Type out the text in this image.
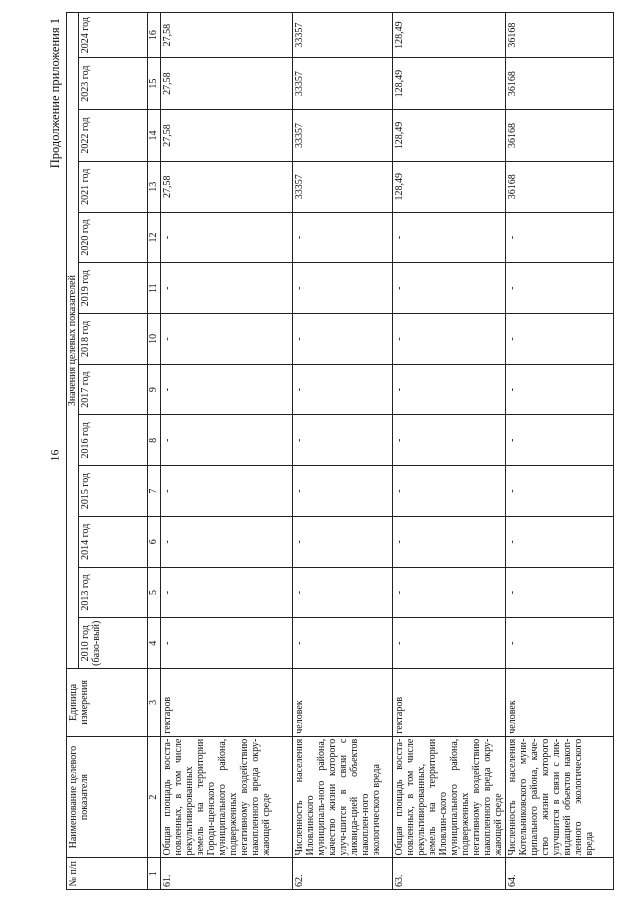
16
Продолжение приложения 1
№ п/п	Наименование целевого показателя	Единица измерения	Значения целевых показателей												
			2010 год (базо-вый)	2013 год	2014 год	2015 год	2016 год	2017 год	2018 год	2019 год	2020 год	2021 год	2022 год	2023 год	2024 год
1	2	3	4	5	6	7	8	9	10	11	12	13	14	15	16
61.	Общая площадь восста-новленных, в том числе рекультивированных земель на территории Городи-щенского муниципального района, подверженных негативному воздействию накопленного вреда окру-жающей среде	гектаров	-	-	-	-	-	-	-	-	-	27,58	27,58	27,58	27,58
62.	Численность населения Иловлинского муниципаль-ного района, качество жизни которого улуч-шится в связи с ликвида-цией объектов накоплен-ного экологического вреда	человек	-	-	-	-	-	-	-	-	-	33357	33357	33357	33357
63.	Общая площадь восста-новленных, в том числе рекультивированных, земель на территории Иловлин-ского муниципального района, подверженных негативному воздействию накопленного вреда окру-жающей среде	гектаров	-	-	-	-	-	-	-	-	-	128,49	128,49	128,49	128,49
64.	Численность населения Котельниковского муни-ципального района, каче-ство жизни которого улучшится в связи с лик-видацией объектов накоп-ленного экологического вреда	человек	-	-	-	-	-	-	-	-	-	36168	36168	36168	36168
